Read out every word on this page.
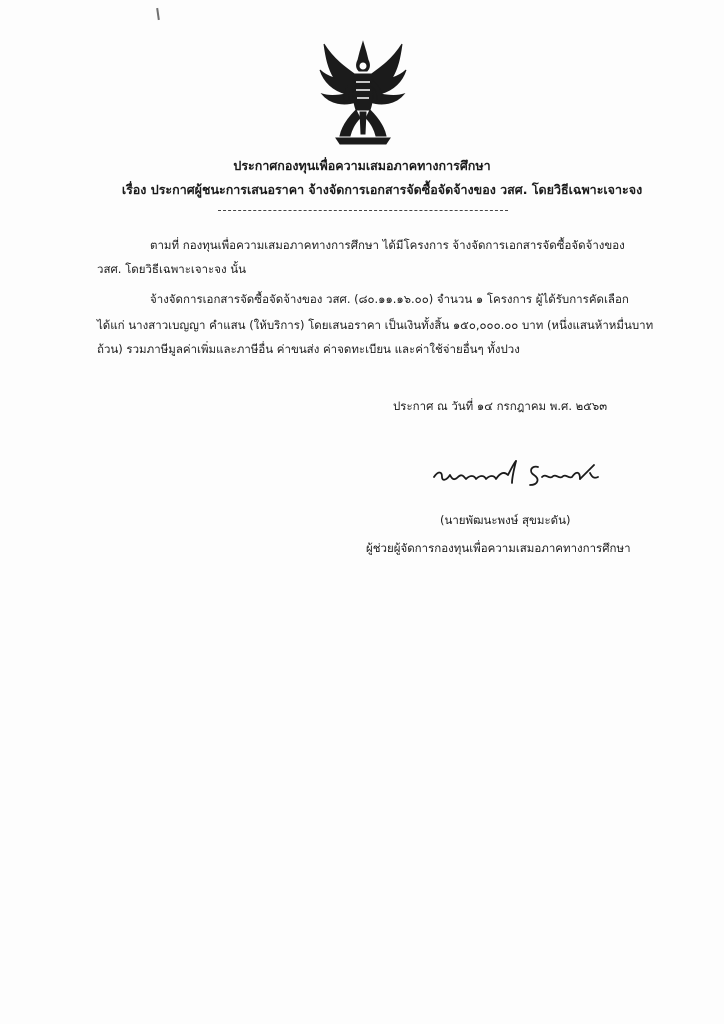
ประกาศกองทุนเพื่อความเสมอภาคทางการศึกษา
เรื่อง ประกาศผู้ชนะการเสนอราคา จ้างจัดการเอกสารจัดซื้อจัดจ้างของ วสศ. โดยวิธีเฉพาะเจาะจง
ตามที่ กองทุนเพื่อความเสมอภาคทางการศึกษา ได้มีโครงการ จ้างจัดการเอกสารจัดซื้อจัดจ้างของ
วสศ. โดยวิธีเฉพาะเจาะจง นั้น
จ้างจัดการเอกสารจัดซื้อจัดจ้างของ วสศ. (๘๐.๑๑.๑๖.๐๐) จำนวน ๑ โครงการ ผู้ได้รับการคัดเลือก
ได้แก่ นางสาวเบญญา คำแสน (ให้บริการ) โดยเสนอราคา เป็นเงินทั้งสิ้น ๑๕๐,๐๐๐.๐๐ บาท (หนึ่งแสนห้าหมื่นบาท
ถ้วน) รวมภาษีมูลค่าเพิ่มและภาษีอื่น ค่าขนส่ง ค่าจดทะเบียน และค่าใช้จ่ายอื่นๆ ทั้งปวง
ประกาศ ณ วันที่ ๑๔ กรกฎาคม พ.ศ. ๒๕๖๓
(นายพัฒนะพงษ์ สุขมะดัน)
ผู้ช่วยผู้จัดการกองทุนเพื่อความเสมอภาคทางการศึกษา
